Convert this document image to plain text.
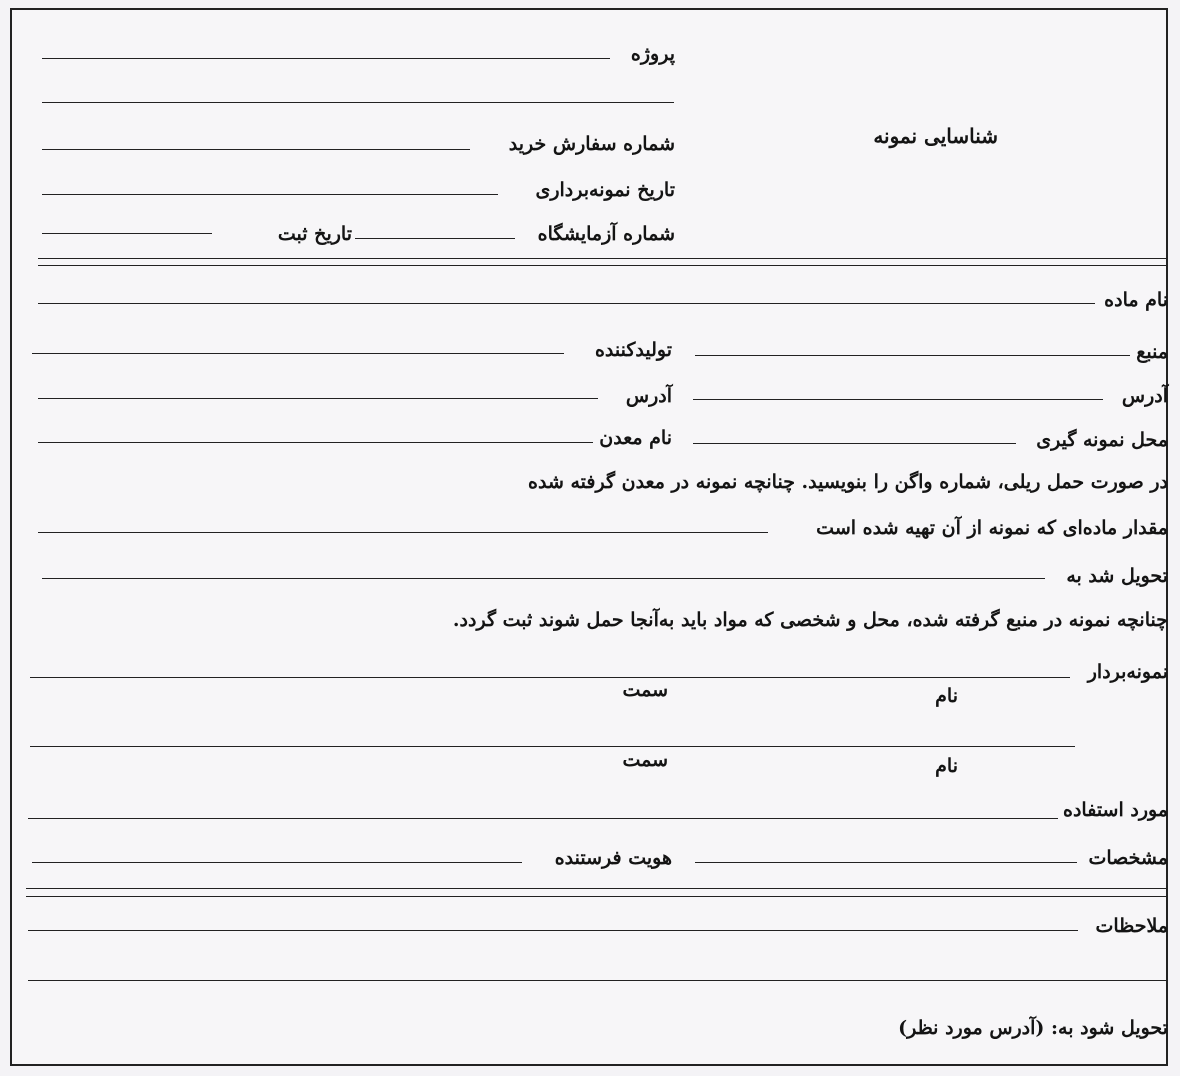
پروژه
شناسایی نمونه
شماره سفارش خرید
تاریخ نمونه‌برداری
شماره آزمایشگاه
تاریخ ثبت
نام ماده
منبع
تولیدکننده
آدرس
آدرس
محل نمونه گیری
نام معدن
در صورت حمل ریلی، شماره واگن را بنویسید. چنانچه نمونه در معدن گرفته شده
مقدار ماده‌ای که نمونه از آن تهیه شده است
تحویل شد به
چنانچه نمونه در منبع گرفته شده، محل و شخصی که مواد باید به‌آنجا حمل شوند ثبت گردد.
نمونه‌بردار
نام
سمت
نام
سمت
مورد استفاده
مشخصات
هویت فرستنده
ملاحظات
تحویل شود به: (آدرس مورد نظر)
